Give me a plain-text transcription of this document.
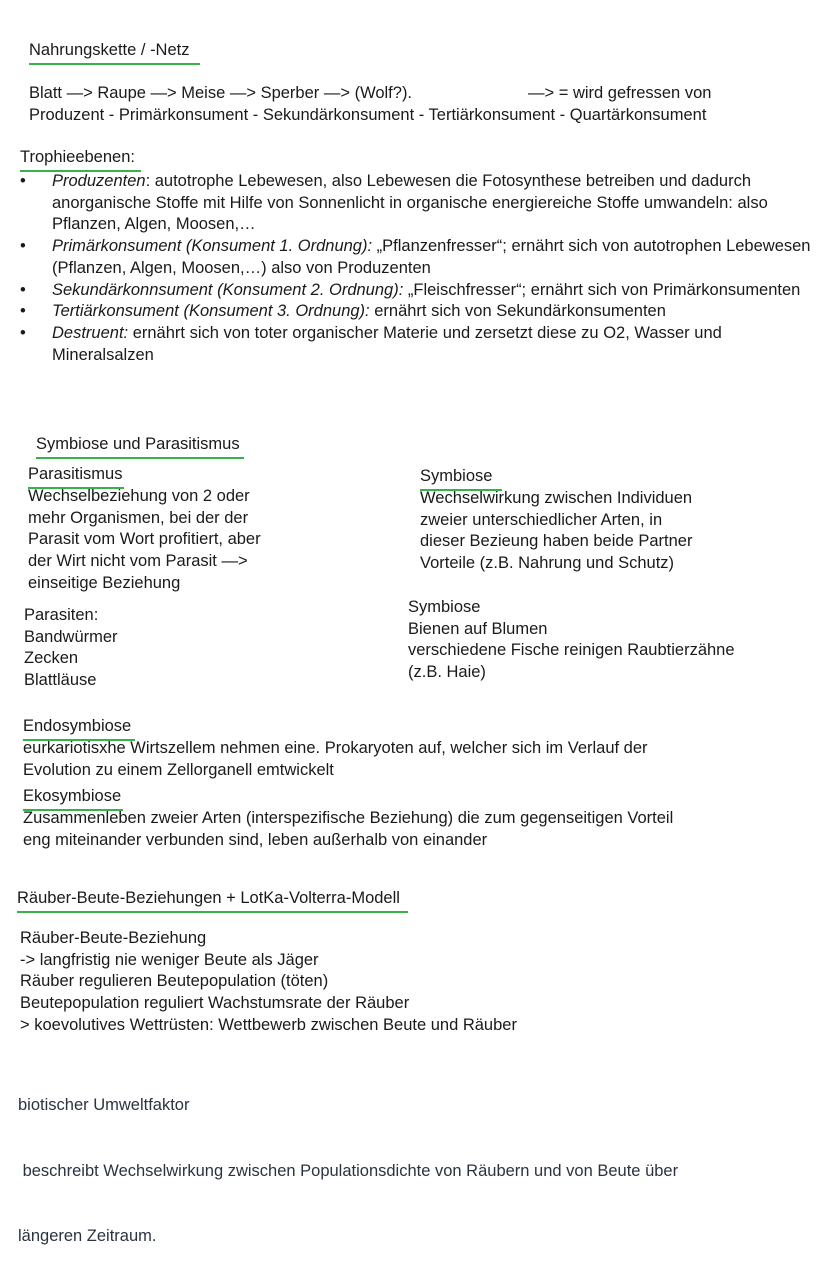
Nahrungskette / -Netz
Blatt —> Raupe —> Meise —> Sperber —> (Wolf?).	—> = wird gefressen von
Produzent - Primärkonsument - Sekundärkonsument - Tertiärkonsument - Quartärkonsument
Trophieebenen:
• Produzenten: autotrophe Lebewesen, also Lebewesen die Fotosynthese betreiben und dadurch anorganische Stoffe mit Hilfe von Sonnenlicht in organische energiereiche Stoffe umwandeln: also Pflanzen, Algen, Moosen,…
• Primärkonsument (Konsument 1. Ordnung): „Pflanzenfresser“; ernährt sich von autotrophen Lebewesen (Pflanzen, Algen, Moosen,…) also von Produzenten
• Sekundärkonnsument (Konsument 2. Ordnung): „Fleischfresser“; ernährt sich von Primärkonsumenten
• Tertiärkonsument (Konsument 3. Ordnung): ernährt sich von Sekundärkonsumenten
• Destruent: ernährt sich von toter organischer Materie und zersetzt diese zu O2, Wasser und Mineralsalzen
Symbiose und Parasitismus
Parasitismus
Wechselbeziehung von 2 oder
mehr Organismen, bei der der
Parasit vom Wort profitiert, aber
der Wirt nicht vom Parasit —>
einseitige Beziehung
Parasiten:
Bandwürmer
Zecken
Blattläuse
Symbiose
Wechselwirkung zwischen Individuen
zweier unterschiedlicher Arten, in
dieser Bezieung haben beide Partner
Vorteile (z.B. Nahrung und Schutz)
Symbiose
Bienen auf Blumen
verschiedene Fische reinigen Raubtierzähne
(z.B. Haie)
Endosymbiose
eurkariotisxhe Wirtszellem nehmen eine. Prokaryoten auf, welcher sich im Verlauf der
Evolution zu einem Zellorganell emtwickelt
Ekosymbiose
Zusammenleben zweier Arten (interspezifische Beziehung) die zum gegenseitigen Vorteil
eng miteinander verbunden sind, leben außerhalb von einander
Räuber-Beute-Beziehungen + LotKa-Volterra-Modell
Räuber-Beute-Beziehung
-> langfristig nie weniger Beute als Jäger
Räuber regulieren Beutepopulation (töten)
Beutepopulation reguliert Wachstumsrate der Räuber
> koevolutives Wettrüsten: Wettbewerb zwischen Beute und Räuber

biotischer Umweltfaktor

beschreibt Wechselwirkung zwischen Populationsdichte von Räubern und von Beute über

längeren Zeitraum.
